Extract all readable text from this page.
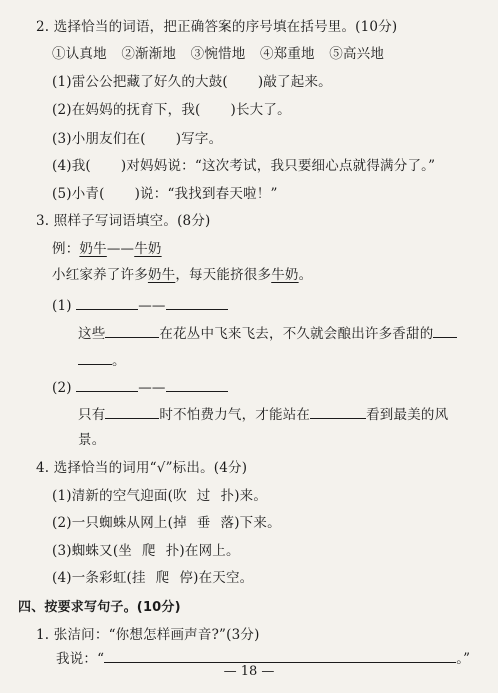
2. 选择恰当的词语，把正确答案的序号填在括号里。(10分)
①认真地 ②渐渐地 ③惋惜地 ④郑重地 ⑤高兴地
(1)雷公公把藏了好久的大鼓( )敲了起来。
(2)在妈妈的抚育下，我( )长大了。
(3)小朋友们在( )写字。
(4)我( )对妈妈说：“这次考试，我只要细心点就得满分了。”
(5)小青( )说：“我找到春天啦！”
3. 照样子写词语填空。(8分)
例：奶牛——牛奶
小红家养了许多奶牛，每天能挤很多牛奶。
(1)	——
这些	在花丛中飞来飞去，不久就会酿出许多香甜的
。
(2)	——
只有	时不怕费力气，才能站在	看到最美的风
景。
4. 选择恰当的词用“√”标出。(4分)
(1)清新的空气迎面(吹 过 扑)来。
(2)一只蜘蛛从网上(掉 垂 落)下来。
(3)蜘蛛又(坐 爬 扑)在网上。
(4)一条彩虹(挂 爬 停)在天空。
四、按要求写句子。(10分)
1. 张洁问：“你想怎样画声音?”(3分)
我说：“	。”
— 18 —
